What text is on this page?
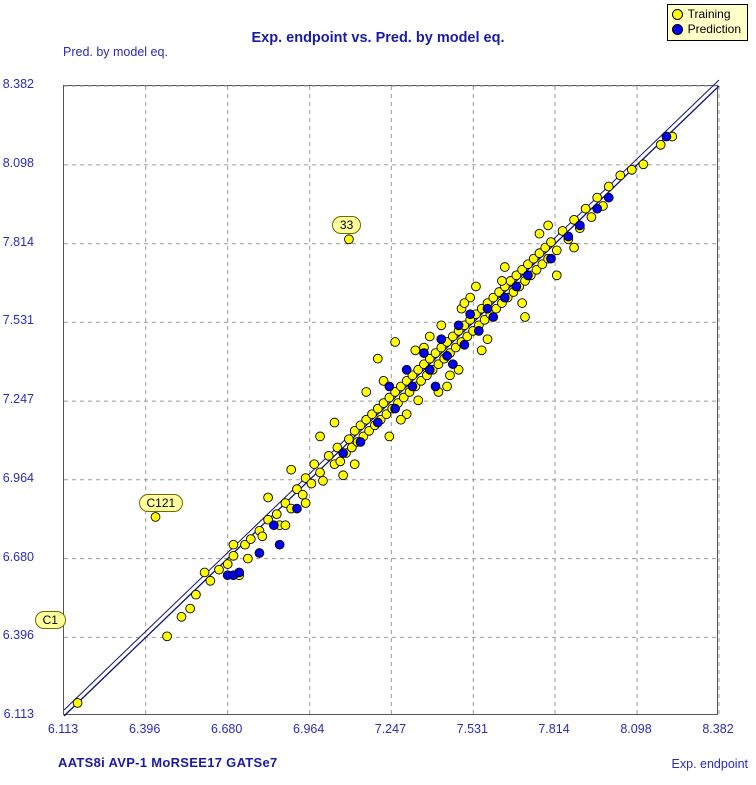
Exp. endpoint vs. Pred. by model eq.
Pred. by model eq.
Exp. endpoint
AATS8i AVP-1 MoRSEE17 GATSe7
Training
Prediction
6.113
6.396
6.680
6.964
7.247
7.531
7.814
8.098
8.382
6.113	6.396	6.680	6.964	7.247	7.531	7.814	8.098	8.382
33
C121
C1
